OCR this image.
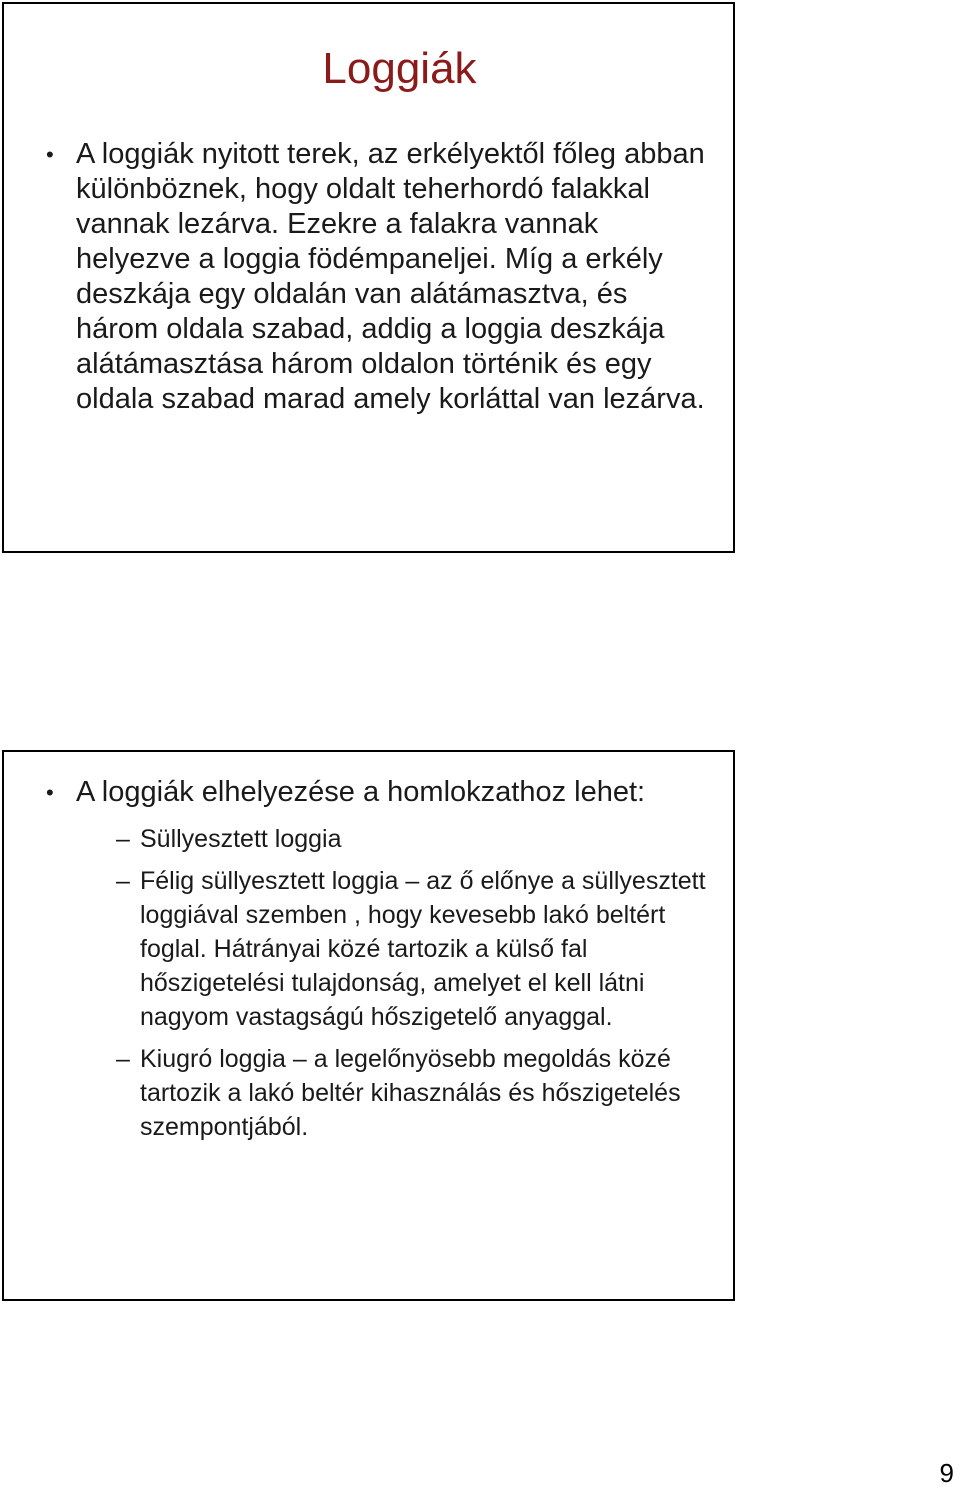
Loggiák
• A loggiák nyitott terek, az erkélyektől főleg abban különböznek, hogy oldalt teherhordó falakkal vannak lezárva. Ezekre a falakra vannak helyezve a loggia födémpaneljei. Míg a erkély deszkája egy oldalán van alátámasztva, és három oldala szabad, addig a loggia deszkája alátámasztása három oldalon történik és egy oldala szabad marad amely korláttal van lezárva.
• A loggiák elhelyezése a homlokzathoz lehet:
– Süllyesztett loggia
– Félig süllyesztett loggia – az ő előnye a süllyesztett loggiával szemben , hogy kevesebb lakó beltért foglal. Hátrányai közé tartozik a külső fal hőszigetelési tulajdonság, amelyet el kell látni nagyom vastagságú hőszigetelő anyaggal.
– Kiugró loggia – a legelőnyösebb megoldás közé tartozik a lakó beltér kihasználás és hőszigetelés szempontjából.
9
